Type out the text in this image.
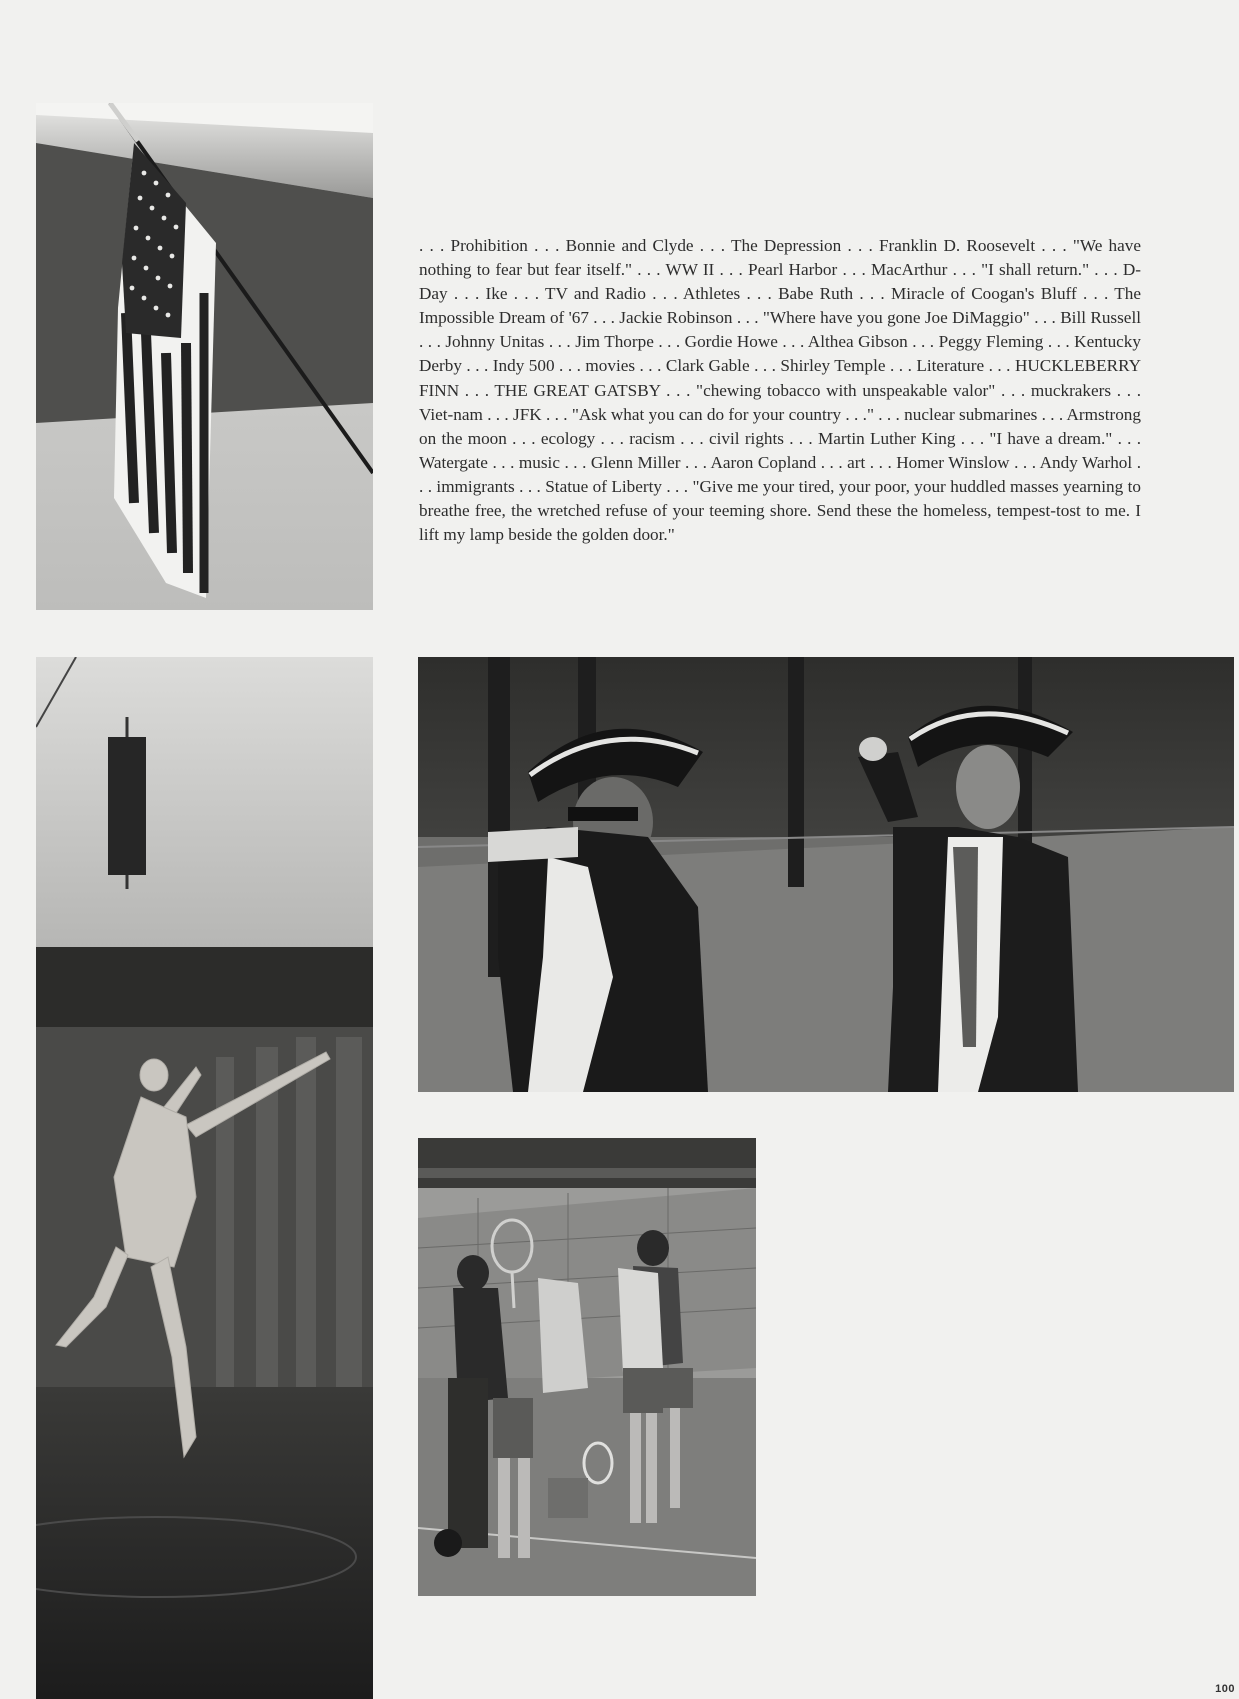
. . . Prohibition . . . Bonnie and Clyde . . . The Depression . . . Franklin D. Roosevelt . . . "We have nothing to fear but fear itself." . . . WW II . . . Pearl Harbor . . . MacArthur . . . "I shall return." . . . D-Day . . . Ike . . . TV and Radio . . . Athletes . . . Babe Ruth . . . Miracle of Coogan's Bluff . . . The Impossible Dream of '67 . . . Jackie Robinson . . . "Where have you gone Joe DiMaggio" . . . Bill Russell . . . Johnny Unitas . . . Jim Thorpe . . . Gordie Howe . . . Althea Gibson . . . Peggy Fleming . . . Kentucky Derby . . . Indy 500 . . . movies . . . Clark Gable . . . Shirley Temple . . . Literature . . . HUCKLEBERRY FINN . . . THE GREAT GATSBY . . . "chewing tobacco with unspeakable valor" . . . muckrakers . . . Viet-nam . . . JFK . . . "Ask what you can do for your country . . ." . . . nuclear submarines . . . Armstrong on the moon . . . ecology . . . racism . . . civil rights . . . Martin Luther King . . . "I have a dream." . . . Watergate . . . music . . . Glenn Miller . . . Aaron Copland . . . art . . . Homer Winslow . . . Andy Warhol . . . immigrants . . . Statue of Liberty . . . "Give me your tired, your poor, your huddled masses yearning to breathe free, the wretched refuse of your teeming shore. Send these the homeless, tempest-tost to me. I lift my lamp beside the golden door."
100
